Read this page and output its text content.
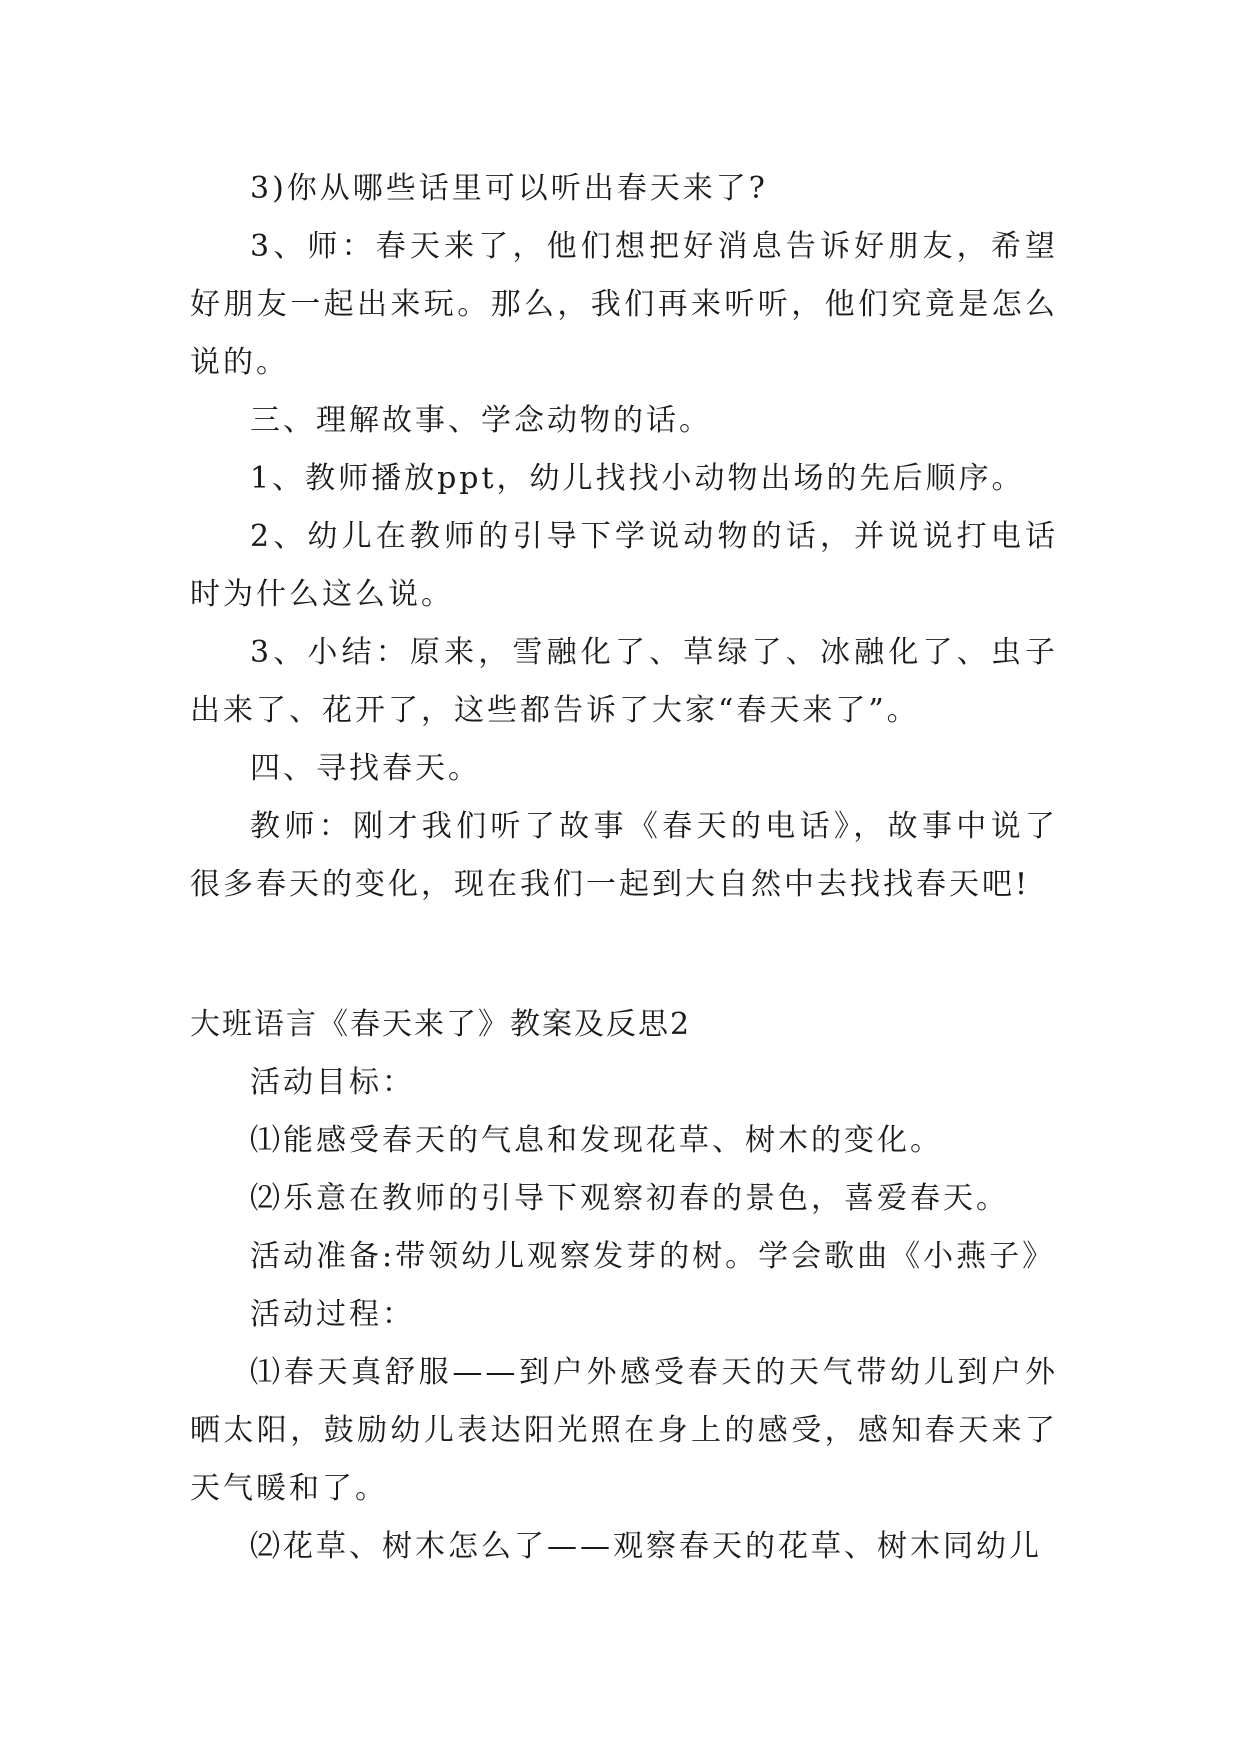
3)你从哪些话里可以听出春天来了?

3、师：春天来了，他们想把好消息告诉好朋友，希望好朋友一起出来玩。那么，我们再来听听，他们究竟是怎么说的。

三、理解故事、学念动物的话。

1、教师播放ppt，幼儿找找小动物出场的先后顺序。

2、幼儿在教师的引导下学说动物的话，并说说打电话时为什么这么说。

3、小结：原来，雪融化了、草绿了、冰融化了、虫子出来了、花开了，这些都告诉了大家“春天来了”。

四、寻找春天。

教师：刚才我们听了故事《春天的电话》，故事中说了很多春天的变化，现在我们一起到大自然中去找找春天吧!

大班语言《春天来了》教案及反思2

活动目标：

⑴能感受春天的气息和发现花草、树木的变化。

⑵乐意在教师的引导下观察初春的景色，喜爱春天。

活动准备:带领幼儿观察发芽的树。学会歌曲《小燕子》

活动过程：

⑴春天真舒服——到户外感受春天的天气带幼儿到户外晒太阳，鼓励幼儿表达阳光照在身上的感受，感知春天来了天气暖和了。

⑵花草、树木怎么了——观察春天的花草、树木同幼儿
